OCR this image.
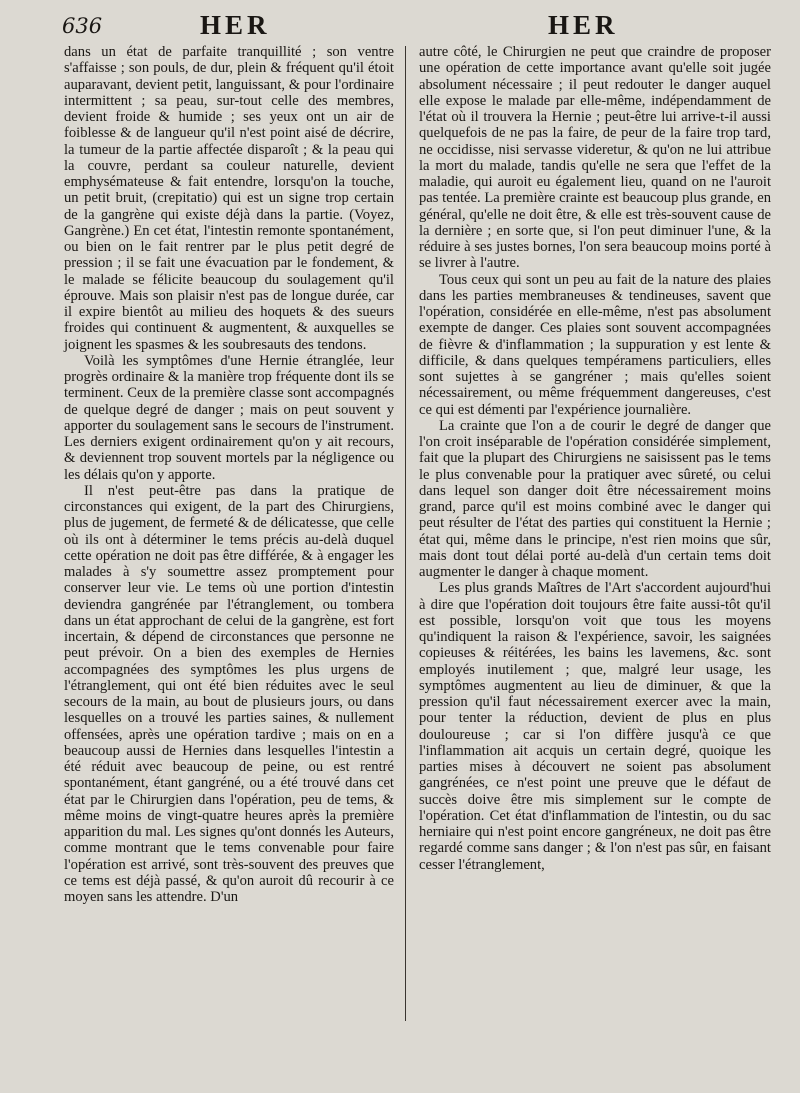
636	HER	HER

dans un état de parfaite tranquillité ; son ventre s'affaisse ; son pouls, de dur, plein & fréquent qu'il étoit auparavant, devient petit, languissant, & pour l'ordinaire intermittent ; sa peau, sur-tout celle des membres, devient froide & humide ; ses yeux ont un air de foiblesse & de langueur qu'il n'est point aisé de décrire, la tumeur de la partie affectée disparoît ; & la peau qui la couvre, perdant sa couleur naturelle, devient emphysémateuse & fait entendre, lorsqu'on la touche, un petit bruit, (crepitatio) qui est un signe trop certain de la gangrène qui existe déjà dans la partie. (Voyez, Gangrène.) En cet état, l'intestin remonte spontanément, ou bien on le fait rentrer par le plus petit degré de pression ; il se fait une évacuation par le fondement, & le malade se félicite beaucoup du soulagement qu'il éprouve. Mais son plaisir n'est pas de longue durée, car il expire bientôt au milieu des hoquets & des sueurs froides qui continuent & augmentent, & auxquelles se joignent les spasmes & les soubresauts des tendons.

Voilà les symptômes d'une Hernie étranglée, leur progrès ordinaire & la manière trop fréquente dont ils se terminent. Ceux de la première classe sont accompagnés de quelque degré de danger ; mais on peut souvent y apporter du soulagement sans le secours de l'instrument. Les derniers exigent ordinairement qu'on y ait recours, & deviennent trop souvent mortels par la négligence ou les délais qu'on y apporte.

Il n'est peut-être pas dans la pratique de circonstances qui exigent, de la part des Chirurgiens, plus de jugement, de fermeté & de délicatesse, que celle où ils ont à déterminer le tems précis au-delà duquel cette opération ne doit pas être différée, & à engager les malades à s'y soumettre assez promptement pour conserver leur vie. Le tems où une portion d'intestin deviendra gangrénée par l'étranglement, ou tombera dans un état approchant de celui de la gangrène, est fort incertain, & dépend de circonstances que personne ne peut prévoir. On a bien des exemples de Hernies accompagnées des symptômes les plus urgens de l'étranglement, qui ont été bien réduites avec le seul secours de la main, au bout de plusieurs jours, ou dans lesquelles on a trouvé les parties saines, & nullement offensées, après une opération tardive ; mais on en a beaucoup aussi de Hernies dans lesquelles l'intestin a été réduit avec beaucoup de peine, ou est rentré spontanément, étant gangréné, ou a été trouvé dans cet état par le Chirurgien dans l'opération, peu de tems, & même moins de vingt-quatre heures après la première apparition du mal. Les signes qu'ont donnés les Auteurs, comme montrant que le tems convenable pour faire l'opération est arrivé, sont très-souvent des preuves que ce tems est déjà passé, & qu'on auroit dû recourir à ce moyen sans les attendre. D'un

autre côté, le Chirurgien ne peut que craindre de proposer une opération de cette importance avant qu'elle soit jugée absolument nécessaire ; il peut redouter le danger auquel elle expose le malade par elle-même, indépendamment de l'état où il trouvera la Hernie ; peut-être lui arrive-t-il aussi quelquefois de ne pas la faire, de peur de la faire trop tard, ne occidisse, nisi servasse videretur, & qu'on ne lui attribue la mort du malade, tandis qu'elle ne sera que l'effet de la maladie, qui auroit eu également lieu, quand on ne l'auroit pas tentée. La première crainte est beaucoup plus grande, en général, qu'elle ne doit être, & elle est très-souvent cause de la dernière ; en sorte que, si l'on peut diminuer l'une, & la réduire à ses justes bornes, l'on sera beaucoup moins porté à se livrer à l'autre.

Tous ceux qui sont un peu au fait de la nature des plaies dans les parties membraneuses & tendineuses, savent que l'opération, considérée en elle-même, n'est pas absolument exempte de danger. Ces plaies sont souvent accompagnées de fièvre & d'inflammation ; la suppuration y est lente & difficile, & dans quelques tempéramens particuliers, elles sont sujettes à se gangréner ; mais qu'elles soient nécessairement, ou même fréquemment dangereuses, c'est ce qui est démenti par l'expérience journalière.

La crainte que l'on a de courir le degré de danger que l'on croit inséparable de l'opération considérée simplement, fait que la plupart des Chirurgiens ne saisissent pas le tems le plus convenable pour la pratiquer avec sûreté, ou celui dans lequel son danger doit être nécessairement moins grand, parce qu'il est moins combiné avec le danger qui peut résulter de l'état des parties qui constituent la Hernie ; état qui, même dans le principe, n'est rien moins que sûr, mais dont tout délai porté au-delà d'un certain tems doit augmenter le danger à chaque moment.

Les plus grands Maîtres de l'Art s'accordent aujourd'hui à dire que l'opération doit toujours être faite aussi-tôt qu'il est possible, lorsqu'on voit que tous les moyens qu'indiquent la raison & l'expérience, savoir, les saignées copieuses & réitérées, les bains les lavemens, &c. sont employés inutilement ; que, malgré leur usage, les symptômes augmentent au lieu de diminuer, & que la pression qu'il faut nécessairement exercer avec la main, pour tenter la réduction, devient de plus en plus douloureuse ; car si l'on diffère jusqu'à ce que l'inflammation ait acquis un certain degré, quoique les parties mises à découvert ne soient pas absolument gangrénées, ce n'est point une preuve que le défaut de succès doive être mis simplement sur le compte de l'opération. Cet état d'inflammation de l'intestin, ou du sac herniaire qui n'est point encore gangréneux, ne doit pas être regardé comme sans danger ; & l'on n'est pas sûr, en faisant cesser l'étranglement,
